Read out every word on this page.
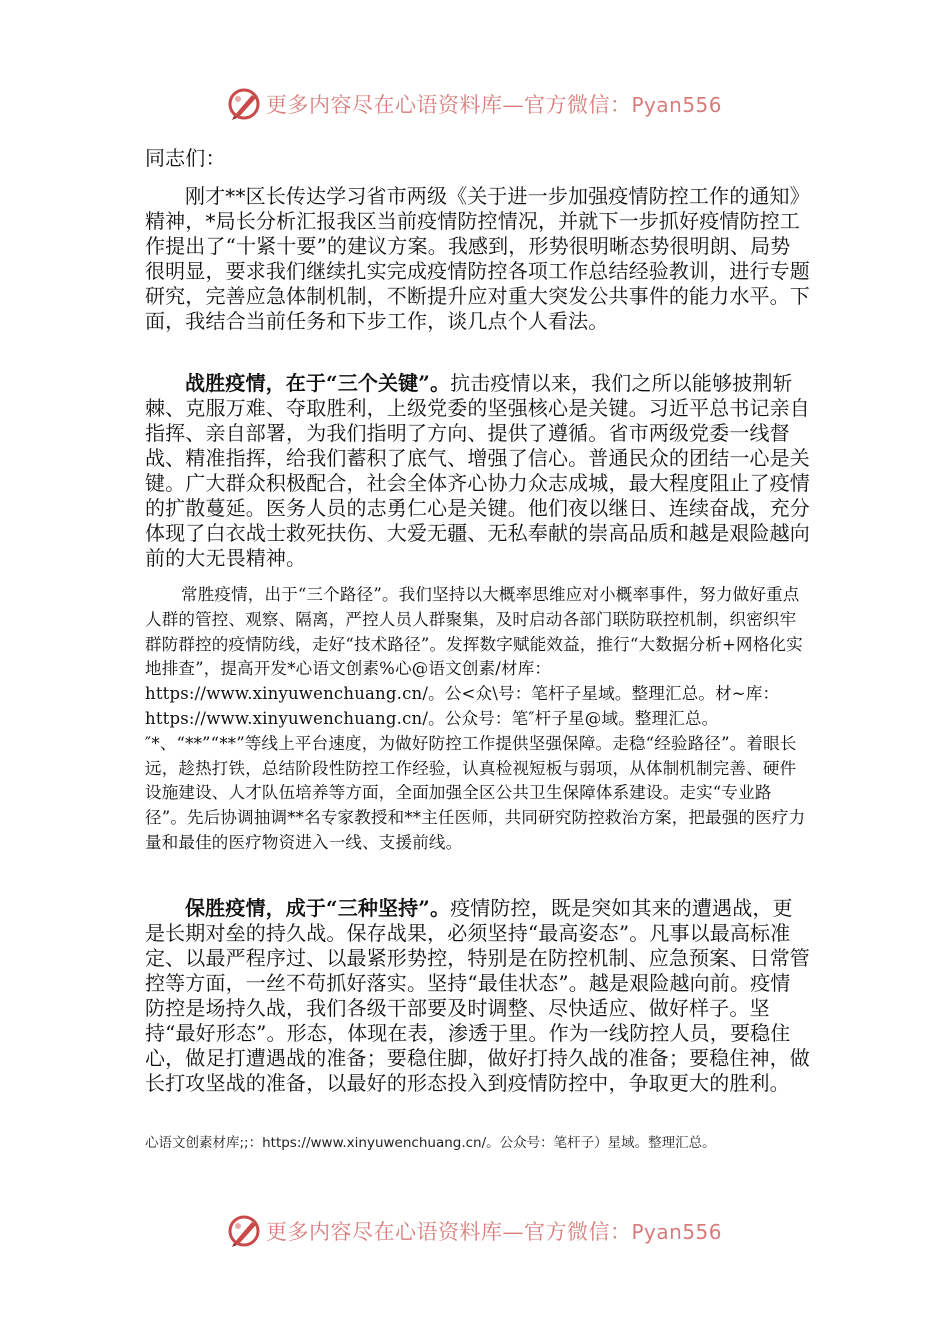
更多内容尽在心语资料库—官方微信：Pyan556

同志们：

刚才**区长传达学习省市两级《关于进一步加强疫情防控工作的通知》精神，*局长分析汇报我区当前疫情防控情况，并就下一步抓好疫情防控工作提出了“十紧十要”的建议方案。我感到，形势很明晰态势很明朗、局势很明显，要求我们继续扎实完成疫情防控各项工作总结经验教训，进行专题研究，完善应急体制机制，不断提升应对重大突发公共事件的能力水平。下面，我结合当前任务和下步工作，谈几点个人看法。

战胜疫情，在于“三个关键”。抗击疫情以来，我们之所以能够披荆斩棘、克服万难、夺取胜利，上级党委的坚强核心是关键。习近平总书记亲自指挥、亲自部署，为我们指明了方向、提供了遵循。省市两级党委一线督战、精准指挥，给我们蓄积了底气、增强了信心。普通民众的团结一心是关键。广大群众积极配合，社会全体齐心协力众志成城，最大程度阻止了疫情的扩散蔓延。医务人员的志勇仁心是关键。他们夜以继日、连续奋战，充分体现了白衣战士救死扶伤、大爱无疆、无私奉献的崇高品质和越是艰险越向前的大无畏精神。

常胜疫情，出于“三个路径”。我们坚持以大概率思维应对小概率事件，努力做好重点人群的管控、观察、隔离，严控人员人群聚集，及时启动各部门联防联控机制，织密织牢群防群控的疫情防线，走好“技术路径”。发挥数字赋能效益，推行“大数据分析+网格化实地排查”，提高开发*心语文创素%心@语文创素/材库：https://www.xinyuwenchuang.cn/。公<众\号：笔杆子星域。整理汇总。材~库：https://www.xinyuwenchuang.cn/。公众号：笔″杆子星@域。整理汇总。″*、“**”“**”等线上平台速度，为做好防控工作提供坚强保障。走稳“经验路径”。着眼长远，趁热打铁，总结阶段性防控工作经验，认真检视短板与弱项，从体制机制完善、硬件设施建设、人才队伍培养等方面，全面加强全区公共卫生保障体系建设。走实“专业路径”。先后协调抽调**名专家教授和**主任医师，共同研究防控救治方案，把最强的医疗力量和最佳的医疗物资进入一线、支援前线。

保胜疫情，成于“三种坚持”。疫情防控，既是突如其来的遭遇战，更是长期对垒的持久战。保存战果，必须坚持“最高姿态”。凡事以最高标准定、以最严程序过、以最紧形势控，特别是在防控机制、应急预案、日常管控等方面，一丝不苟抓好落实。坚持“最佳状态”。越是艰险越向前。疫情防控是场持久战，我们各级干部要及时调整、尽快适应、做好样子。坚持“最好形态”。形态，体现在表，渗透于里。作为一线防控人员，要稳住心，做足打遭遇战的准备；要稳住脚，做好打持久战的准备；要稳住神，做长打攻坚战的准备，以最好的形态投入到疫情防控中，争取更大的胜利。

心语文创素材库;;：https://www.xinyuwenchuang.cn/。公众号：笔杆子）星域。整理汇总。

更多内容尽在心语资料库—官方微信：Pyan556
